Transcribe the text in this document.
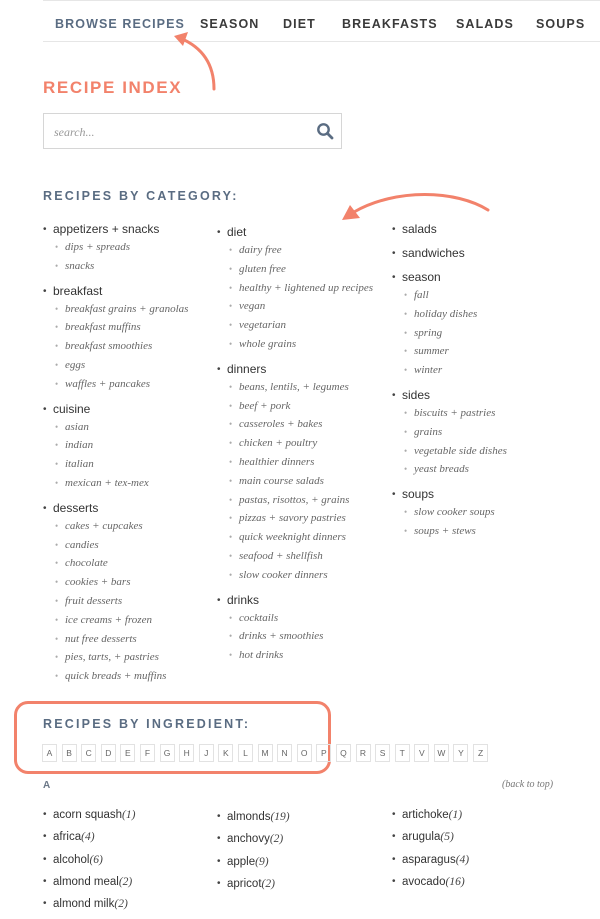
BROWSE RECIPES SEASON DIET BREAKFASTS SALADS SOUPS
RECIPE INDEX
search...
RECIPES BY CATEGORY:
• appetizers + snacks
• dips + spreads
• snacks
• breakfast
• breakfast grains + granolas
• breakfast muffins
• breakfast smoothies
• eggs
• waffles + pancakes
• cuisine
• asian
• indian
• italian
• mexican + tex-mex
• desserts
• cakes + cupcakes
• candies
• chocolate
• cookies + bars
• fruit desserts
• ice creams + frozen
• nut free desserts
• pies, tarts, + pastries
• quick breads + muffins
• diet
• dairy free
• gluten free
• healthy + lightened up recipes
• vegan
• vegetarian
• whole grains
• dinners
• beans, lentils, + legumes
• beef + pork
• casseroles + bakes
• chicken + poultry
• healthier dinners
• main course salads
• pastas, risottos, + grains
• pizzas + savory pastries
• quick weeknight dinners
• seafood + shellfish
• slow cooker dinners
• drinks
• cocktails
• drinks + smoothies
• hot drinks
• salads
• sandwiches
• season
• fall
• holiday dishes
• spring
• summer
• winter
• sides
• biscuits + pastries
• grains
• vegetable side dishes
• yeast breads
• soups
• slow cooker soups
• soups + stews
RECIPES BY INGREDIENT:
A	B	C	D	E	F	G	H	J	K	L	M	N	O	P	Q	R	S	T	V	W	Y	Z
A	(back to top)
• acorn squash(1)
• africa(4)
• alcohol(6)
• almond meal(2)
• almond milk(2)
• almonds(19)
• anchovy(2)
• apple(9)
• apricot(2)
• artichoke(1)
• arugula(5)
• asparagus(4)
• avocado(16)
